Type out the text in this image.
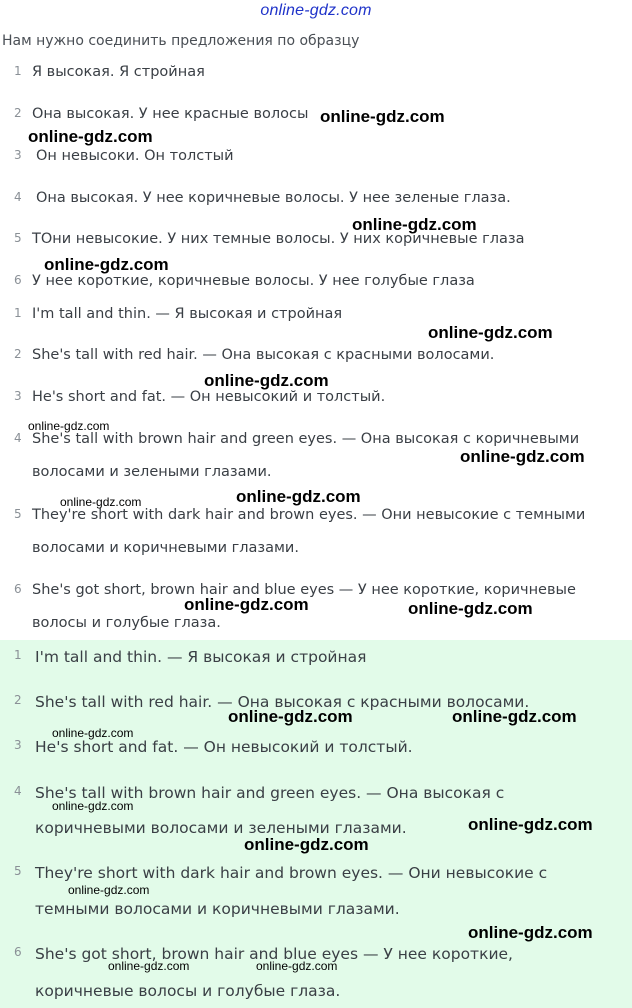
online-gdz.com
Нам нужно соединить предложения по образцу
1 Я высокая. Я стройная
2 Она высокая. У нее красные волосы
3 Он невысоки. Он толстый
4 Она высокая. У нее коричневые волосы. У нее зеленые глаза.
5 TОни невысокие. У них темные волосы. У них коричневые глаза
6 У нее короткие, коричневые волосы. У нее голубые глаза
1 I'm tall and thin. — Я высокая и стройная
2 She's tall with red hair. — Она высокая с красными волосами.
3 He's short and fat. — Он невысокий и толстый.
4 She's tall with brown hair and green eyes. — Она высокая с коричневыми
волосами и зелеными глазами.
5 They're short with dark hair and brown eyes. — Они невысокие с темными
волосами и коричневыми глазами.
6 She's got short, brown hair and blue eyes — У нее короткие, коричневые
волосы и голубые глаза.
1 I'm tall and thin. — Я высокая и стройная
2 She's tall with red hair. — Она высокая с красными волосами.
3 He's short and fat. — Он невысокий и толстый.
4 She's tall with brown hair and green eyes. — Она высокая с
коричневыми волосами и зелеными глазами.
5 They're short with dark hair and brown eyes. — Они невысокие с
темными волосами и коричневыми глазами.
6 She's got short, brown hair and blue eyes — У нее короткие,
коричневые волосы и голубые глаза.
online-gdz.com
online-gdz.com
online-gdz.com
online-gdz.com
online-gdz.com
online-gdz.com
online-gdz.com
online-gdz.com
online-gdz.com	online-gdz.com
online-gdz.com	online-gdz.com
online-gdz.com	online-gdz.com
online-gdz.com
online-gdz.com
online-gdz.com
online-gdz.com
online-gdz.com
online-gdz.com
online-gdz.com	online-gdz.com
